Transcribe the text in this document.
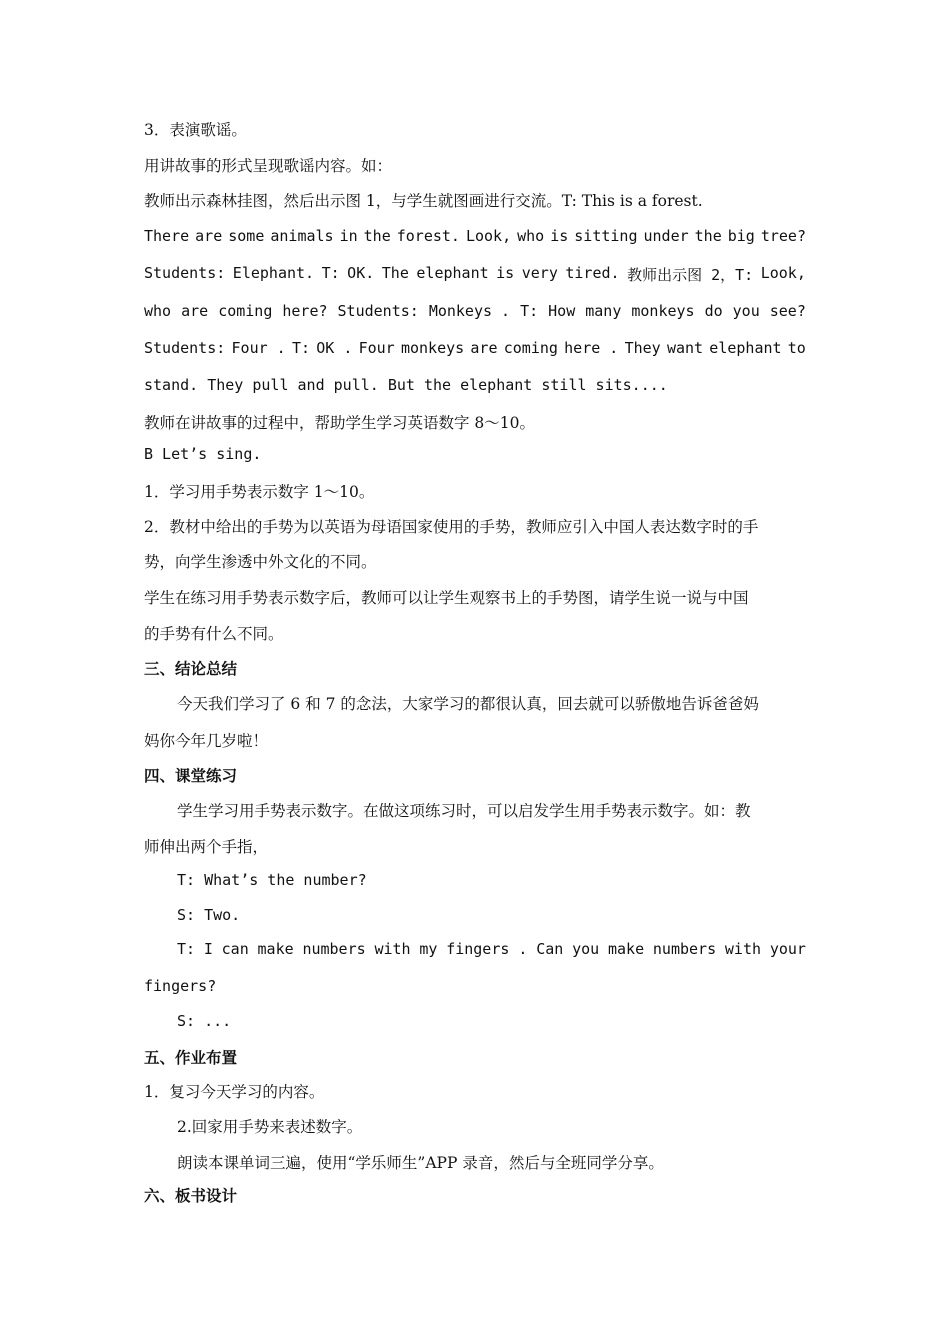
3．表演歌谣。
用讲故事的形式呈现歌谣内容。如：
教师出示森林挂图，然后出示图 1，与学生就图画进行交流。T: This is a forest.
There are some animals in the forest. Look, who is sitting under the big tree?
Students: Elephant. T: OK. The elephant is very tired. 教师出示图 2，T: Look,
who are coming here? Students: Monkeys . T: How many monkeys do you see?
Students: Four . T: OK . Four monkeys are coming here . They want elephant to
stand. They pull and pull. But the elephant still sits....
教师在讲故事的过程中，帮助学生学习英语数字 8～10。
B Let’s sing.
1．学习用手势表示数字 1～10。
2．教材中给出的手势为以英语为母语国家使用的手势，教师应引入中国人表达数字时的手
势，向学生渗透中外文化的不同。
学生在练习用手势表示数字后，教师可以让学生观察书上的手势图，请学生说一说与中国
的手势有什么不同。
三、结论总结
今天我们学习了 6 和 7 的念法，大家学习的都很认真，回去就可以骄傲地告诉爸爸妈
妈你今年几岁啦！
四、课堂练习
学生学习用手势表示数字。在做这项练习时，可以启发学生用手势表示数字。如：教
师伸出两个手指，
T: What’s the number?
S: Two.
T: I can make numbers with my fingers . Can you make numbers with your
fingers?
S: ...
五、作业布置
1．复习今天学习的内容。
2.回家用手势来表述数字。
朗读本课单词三遍，使用“学乐师生”APP 录音，然后与全班同学分享。
六、板书设计
